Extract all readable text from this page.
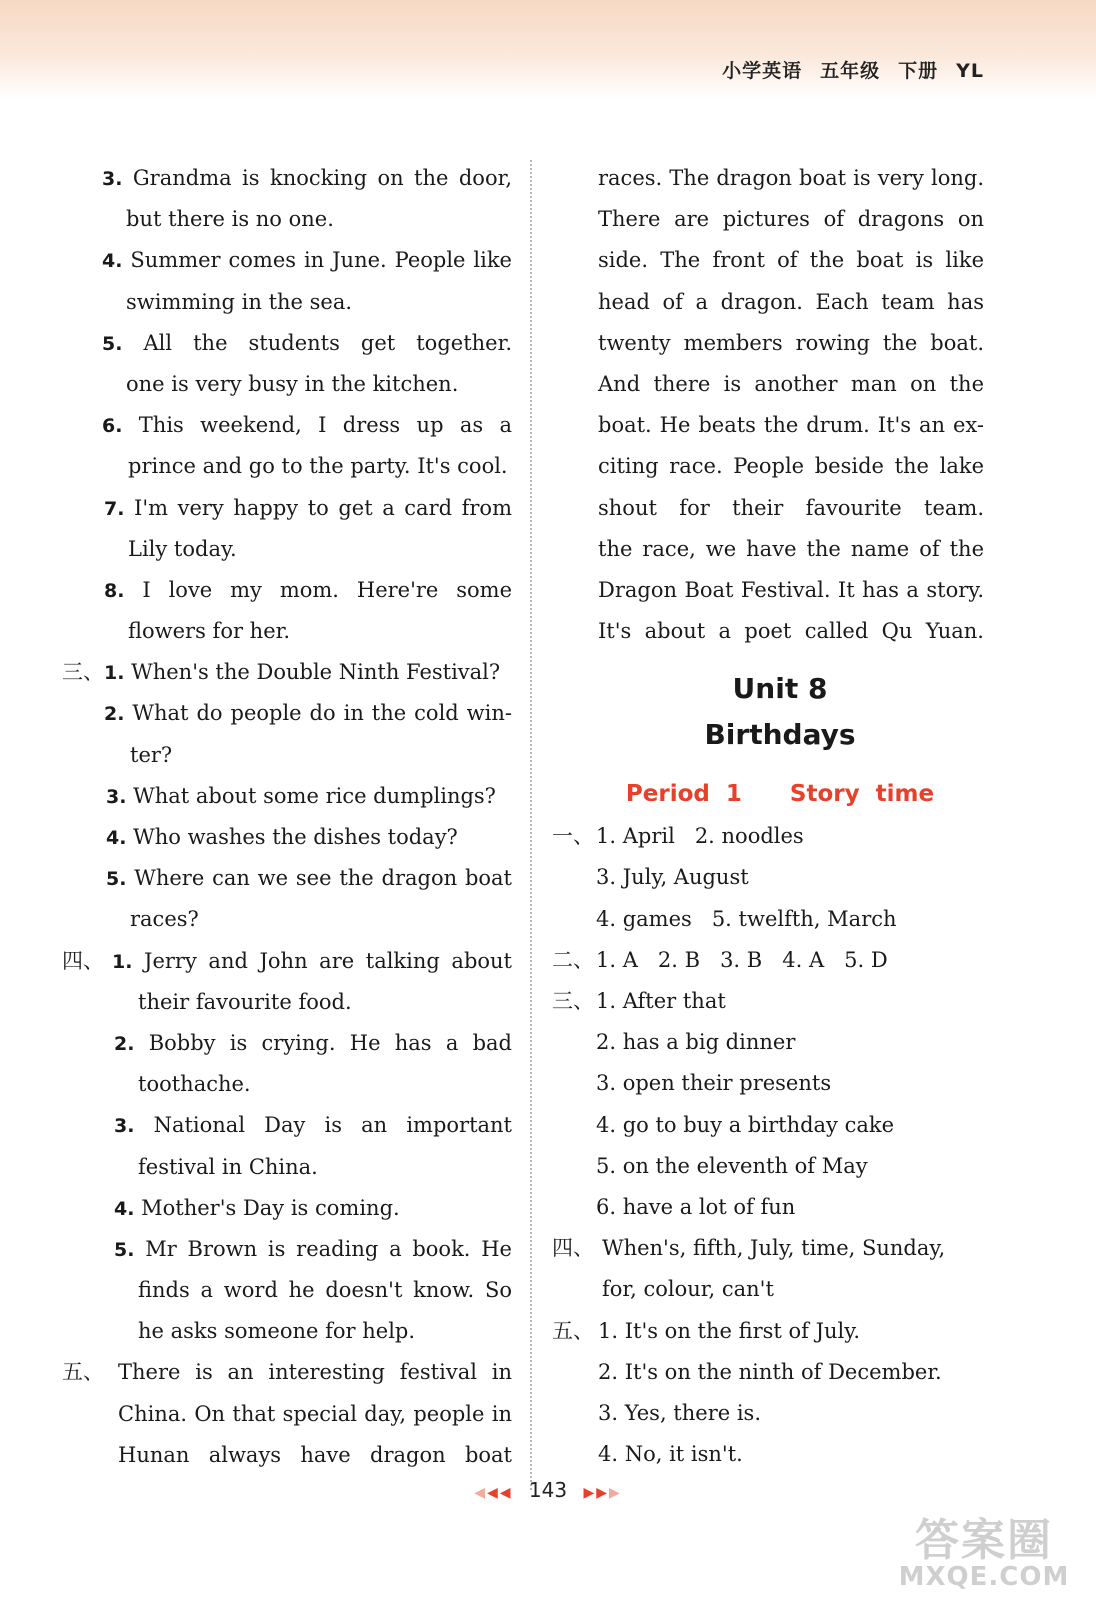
小学英语 五年级 下册 YL
3. Grandma is knocking on the door,
but there is no one.
4. Summer comes in June. People like
swimming in the sea.
5. All the students get together.
one is very busy in the kitchen.
6. This weekend, I dress up as a
prince and go to the party. It's cool.
7. I'm very happy to get a card from
Lily today.
8. I love my mom. Here're some
flowers for her.
三、 1. When's the Double Ninth Festival?
2. What do people do in the cold win-
ter?
3. What about some rice dumplings?
4. Who washes the dishes today?
5. Where can we see the dragon boat
races?
四、 1. Jerry and John are talking about
their favourite food.
2. Bobby is crying. He has a bad
toothache.
3. National Day is an important
festival in China.
4. Mother's Day is coming.
5. Mr Brown is reading a book. He
finds a word he doesn't know. So
he asks someone for help.
五、 There is an interesting festival in
China. On that special day, people in
Hunan always have dragon boat
races. The dragon boat is very long.
There are pictures of dragons on
side. The front of the boat is like
head of a dragon. Each team has
twenty members rowing the boat.
And there is another man on the
boat. He beats the drum. It's an ex-
citing race. People beside the lake
shout for their favourite team.
the race, we have the name of the
Dragon Boat Festival. It has a story.
It's about a poet called Qu Yuan.
Unit 8
Birthdays
Period 1 Story time
一、 1. April   2. noodles
3. July, August
4. games   5. twelfth, March
二、 1. A   2. B   3. B   4. A   5. D
三、 1. After that
2. has a big dinner
3. open their presents
4. go to buy a birthday cake
5. on the eleventh of May
6. have a lot of fun
四、 When's, fifth, July, time, Sunday,
for, colour, can't
五、 1. It's on the first of July.
2. It's on the ninth of December.
3. Yes, there is.
4. No, it isn't.
◀◀◀ 143 ▶▶▶
答案圈
MXQE.COM
